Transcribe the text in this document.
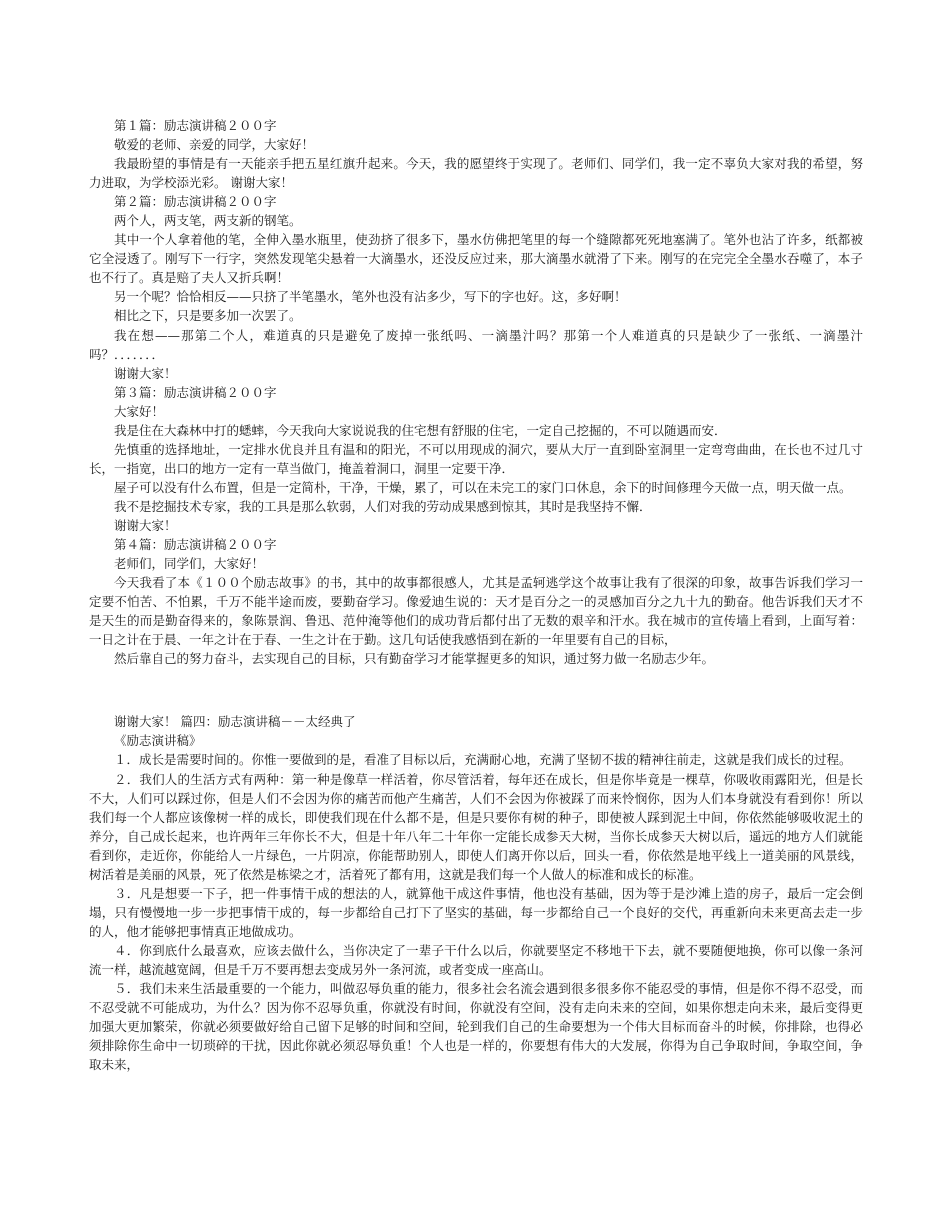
第１篇：励志演讲稿２００字

敬爱的老师、亲爱的同学，大家好！

我最盼望的事情是有一天能亲手把五星红旗升起来。今天，我的愿望终于实现了。老师们、同学们，我一定不辜负大家对我的希望，努力进取，为学校添光彩。 谢谢大家！

第２篇：励志演讲稿２００字

两个人，两支笔，两支新的钢笔。

其中一个人拿着他的笔，全伸入墨水瓶里，使劲挤了很多下，墨水仿佛把笔里的每一个缝隙都死死地塞满了。笔外也沾了许多，纸都被它全浸透了。刚写下一行字，突然发现笔尖悬着一大滴墨水，还没反应过来，那大滴墨水就滑了下来。刚写的在完完全全墨水吞噬了，本子也不行了。真是赔了夫人又折兵啊！

另一个呢？恰恰相反——只挤了半笔墨水，笔外也没有沾多少，写下的字也好。这，多好啊！

相比之下，只是要多加一次罢了。

我在想——那第二个人，难道真的只是避免了废掉一张纸吗、一滴墨汁吗？那第一个人难道真的只是缺少了一张纸、一滴墨汁吗？．．．．．．．

谢谢大家！

第３篇：励志演讲稿２００字

大家好！

我是住在大森林中打的蟋蟀，今天我向大家说说我的住宅想有舒服的住宅，一定自己挖掘的，不可以随遇而安．

先慎重的选择地址，一定排水优良并且有温和的阳光，不可以用现成的洞穴，要从大厅一直到卧室洞里一定弯弯曲曲，在长也不过几寸长，一指宽，出口的地方一定有一草当做门，掩盖着洞口，洞里一定要干净．

屋子可以没有什么布置，但是一定简朴，干净，干燥，累了，可以在未完工的家门口休息，余下的时间修理今天做一点，明天做一点。

我不是挖掘技术专家，我的工具是那么软弱，人们对我的劳动成果感到惊其，其时是我坚持不懈．

谢谢大家！

第４篇：励志演讲稿２００字

老师们，同学们，大家好！

今天我看了本《１００个励志故事》的书，其中的故事都很感人，尤其是孟轲逃学这个故事让我有了很深的印象，故事告诉我们学习一定要不怕苦、不怕累，千万不能半途而废，要勤奋学习。像爱迪生说的：天才是百分之一的灵感加百分之九十九的勤奋。他告诉我们天才不是天生的而是勤奋得来的，象陈景润、鲁迅、范仲淹等他们的成功背后都付出了无数的艰辛和汗水。我在城市的宣传墙上看到，上面写着：一日之计在于晨、一年之计在于春、一生之计在于勤。这几句话使我感悟到在新的一年里要有自己的目标，

然后靠自己的努力奋斗，去实现自己的目标，只有勤奋学习才能掌握更多的知识，通过努力做一名励志少年。

谢谢大家！ 篇四：励志演讲稿－－太经典了

《励志演讲稿》

１．成长是需要时间的。你惟一要做到的是，看准了目标以后，充满耐心地，充满了坚韧不拔的精神往前走，这就是我们成长的过程。

２．我们人的生活方式有两种：第一种是像草一样活着，你尽管活着，每年还在成长，但是你毕竟是一棵草，你吸收雨露阳光，但是长不大，人们可以踩过你，但是人们不会因为你的痛苦而他产生痛苦，人们不会因为你被踩了而来怜悯你，因为人们本身就没有看到你！所以我们每一个人都应该像树一样的成长，即使我们现在什么都不是，但是只要你有树的种子，即使被人踩到泥土中间，你依然能够吸收泥土的养分，自己成长起来，也许两年三年你长不大，但是十年八年二十年你一定能长成参天大树，当你长成参天大树以后，遥远的地方人们就能看到你，走近你，你能给人一片绿色，一片阴凉，你能帮助别人，即使人们离开你以后，回头一看，你依然是地平线上一道美丽的风景线，树活着是美丽的风景，死了依然是栋梁之才，活着死了都有用，这就是我们每一个人做人的标准和成长的标准。

３．凡是想要一下子，把一件事情干成的想法的人，就算他干成这件事情，他也没有基础，因为等于是沙滩上造的房子，最后一定会倒塌，只有慢慢地一步一步把事情干成的，每一步都给自己打下了坚实的基础，每一步都给自己一个良好的交代，再重新向未来更高去走一步的人，他才能够把事情真正地做成功。

４．你到底什么最喜欢，应该去做什么，当你决定了一辈子干什么以后，你就要坚定不移地干下去，就不要随便地换，你可以像一条河流一样，越流越宽阔，但是千万不要再想去变成另外一条河流，或者变成一座高山。

５．我们未来生活最重要的一个能力，叫做忍辱负重的能力，很多社会名流会遇到很多很多你不能忍受的事情，但是你不得不忍受，而不忍受就不可能成功，为什么？因为你不忍辱负重，你就没有时间，你就没有空间，没有走向未来的空间，如果你想走向未来，最后变得更加强大更加繁荣，你就必须要做好给自己留下足够的时间和空间，轮到我们自己的生命要想为一个伟大目标而奋斗的时候，你排除，也得必须排除你生命中一切琐碎的干扰，因此你就必须忍辱负重！个人也是一样的，你要想有伟大的大发展，你得为自己争取时间，争取空间，争取未来，
